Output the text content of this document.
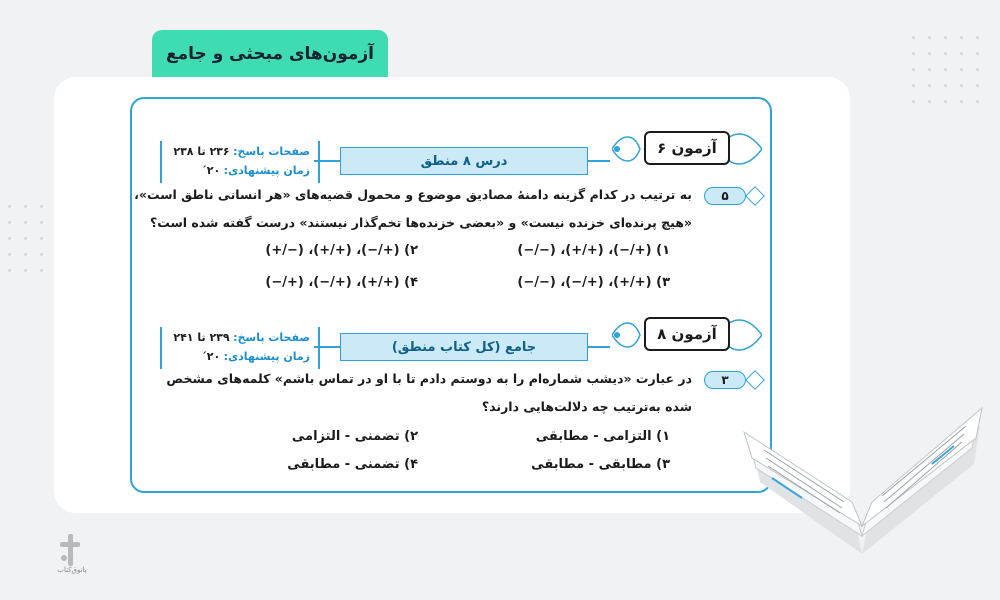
آزمون‌های مبحثی و جامع
آزمون ۶
درس ۸ منطق
صفحات پاسخ: ۲۳۶ تا ۲۳۸
زمان پیشنهادی: ۲۰ˊ
۵
به ترتیب در کدام گزینه دامنهٔ مصادیق موضوع و محمول قضیه‌های «هر انسانی ناطق است»،
«هیچ پرنده‌ای خزنده نیست» و «بعضی خزنده‌ها تخم‌گذار نیستند» درست گفته شده است؟
۱) (+/−)، (+/+)، (−/−)
۲) (+/−)، (+/+)، (−/+)
۳) (+/+)، (+/−)، (−/−)
۴) (+/+)، (+/−)، (+/−)
آزمون ۸
جامع (کل کتاب منطق)
صفحات پاسخ: ۲۳۹ تا ۲۴۱
زمان پیشنهادی: ۲۰ˊ
۳
در عبارت «دیشب شماره‌ام را به دوستم دادم تا با او در تماس باشم» کلمه‌های مشخص
شده به‌ترتیب چه دلالت‌هایی دارند؟
۱) التزامی - مطابقی
۲) تضمنی - التزامی
۳) مطابقی - مطابقی
۴) تضمنی - مطابقی
پاتوق‌کتاب
